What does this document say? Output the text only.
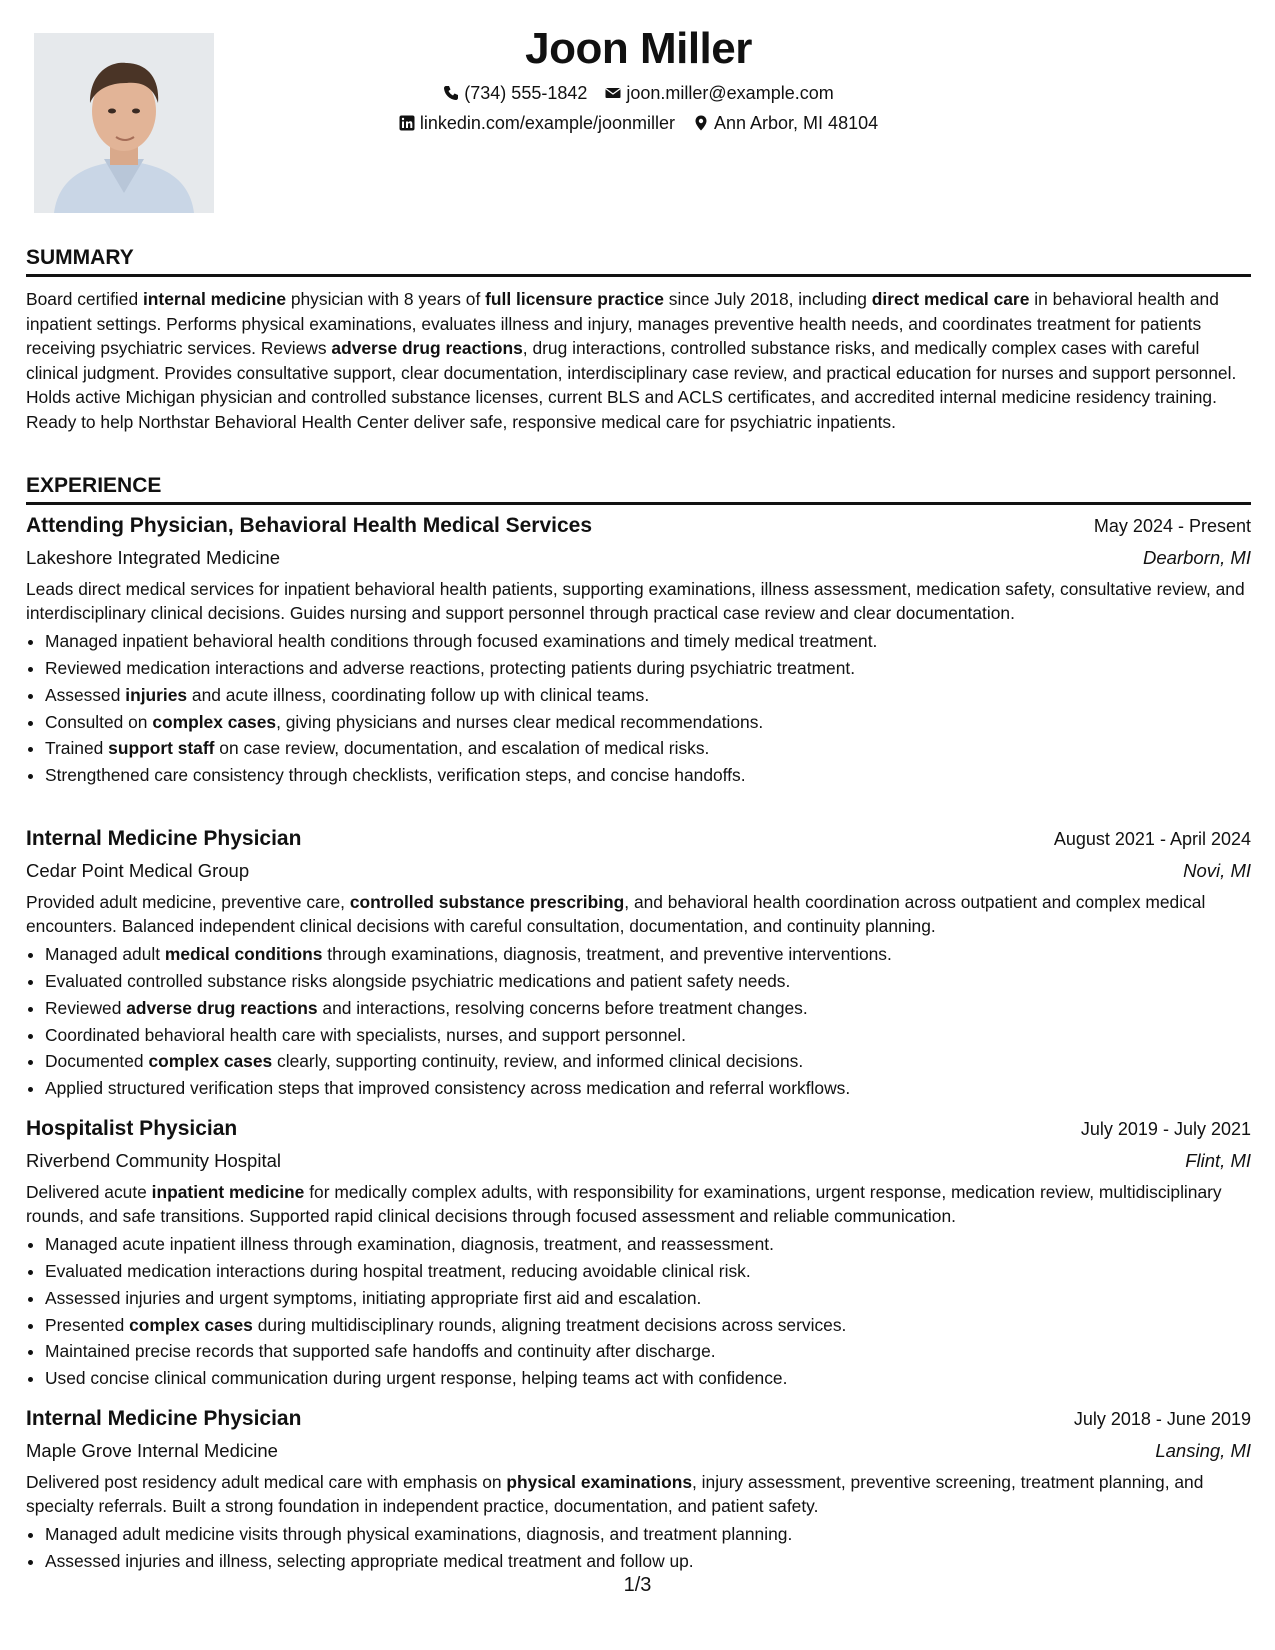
Joon Miller
(734) 555-1842 joon.miller@example.com
linkedin.com/example/joonmiller Ann Arbor, MI 48104
SUMMARY

Board certified internal medicine physician with 8 years of full licensure practice since July 2018, including direct medical care in behavioral health and inpatient settings. Performs physical examinations, evaluates illness and injury, manages preventive health needs, and coordinates treatment for patients receiving psychiatric services. Reviews adverse drug reactions, drug interactions, controlled substance risks, and medically complex cases with careful clinical judgment. Provides consultative support, clear documentation, interdisciplinary case review, and practical education for nurses and support personnel. Holds active Michigan physician and controlled substance licenses, current BLS and ACLS certificates, and accredited internal medicine residency training. Ready to help Northstar Behavioral Health Center deliver safe, responsive medical care for psychiatric inpatients.

EXPERIENCE
Attending Physician, Behavioral Health Medical Services	May 2024 - Present
Lakeshore Integrated Medicine	Dearborn, MI

Leads direct medical services for inpatient behavioral health patients, supporting examinations, illness assessment, medication safety, consultative review, and interdisciplinary clinical decisions. Guides nursing and support personnel through practical case review and clear documentation.

• Managed inpatient behavioral health conditions through focused examinations and timely medical treatment.
• Reviewed medication interactions and adverse reactions, protecting patients during psychiatric treatment.
• Assessed injuries and acute illness, coordinating follow up with clinical teams.
• Consulted on complex cases, giving physicians and nurses clear medical recommendations.
• Trained support staff on case review, documentation, and escalation of medical risks.
• Strengthened care consistency through checklists, verification steps, and concise handoffs.
Internal Medicine Physician	August 2021 - April 2024
Cedar Point Medical Group	Novi, MI

Provided adult medicine, preventive care, controlled substance prescribing, and behavioral health coordination across outpatient and complex medical encounters. Balanced independent clinical decisions with careful consultation, documentation, and continuity planning.

• Managed adult medical conditions through examinations, diagnosis, treatment, and preventive interventions.
• Evaluated controlled substance risks alongside psychiatric medications and patient safety needs.
• Reviewed adverse drug reactions and interactions, resolving concerns before treatment changes.
• Coordinated behavioral health care with specialists, nurses, and support personnel.
• Documented complex cases clearly, supporting continuity, review, and informed clinical decisions.
• Applied structured verification steps that improved consistency across medication and referral workflows.
Hospitalist Physician	July 2019 - July 2021
Riverbend Community Hospital	Flint, MI

Delivered acute inpatient medicine for medically complex adults, with responsibility for examinations, urgent response, medication review, multidisciplinary rounds, and safe transitions. Supported rapid clinical decisions through focused assessment and reliable communication.

• Managed acute inpatient illness through examination, diagnosis, treatment, and reassessment.
• Evaluated medication interactions during hospital treatment, reducing avoidable clinical risk.
• Assessed injuries and urgent symptoms, initiating appropriate first aid and escalation.
• Presented complex cases during multidisciplinary rounds, aligning treatment decisions across services.
• Maintained precise records that supported safe handoffs and continuity after discharge.
• Used concise clinical communication during urgent response, helping teams act with confidence.
Internal Medicine Physician	July 2018 - June 2019
Maple Grove Internal Medicine	Lansing, MI

Delivered post residency adult medical care with emphasis on physical examinations, injury assessment, preventive screening, treatment planning, and specialty referrals. Built a strong foundation in independent practice, documentation, and patient safety.

• Managed adult medicine visits through physical examinations, diagnosis, and treatment planning.
• Assessed injuries and illness, selecting appropriate medical treatment and follow up.
1/3
